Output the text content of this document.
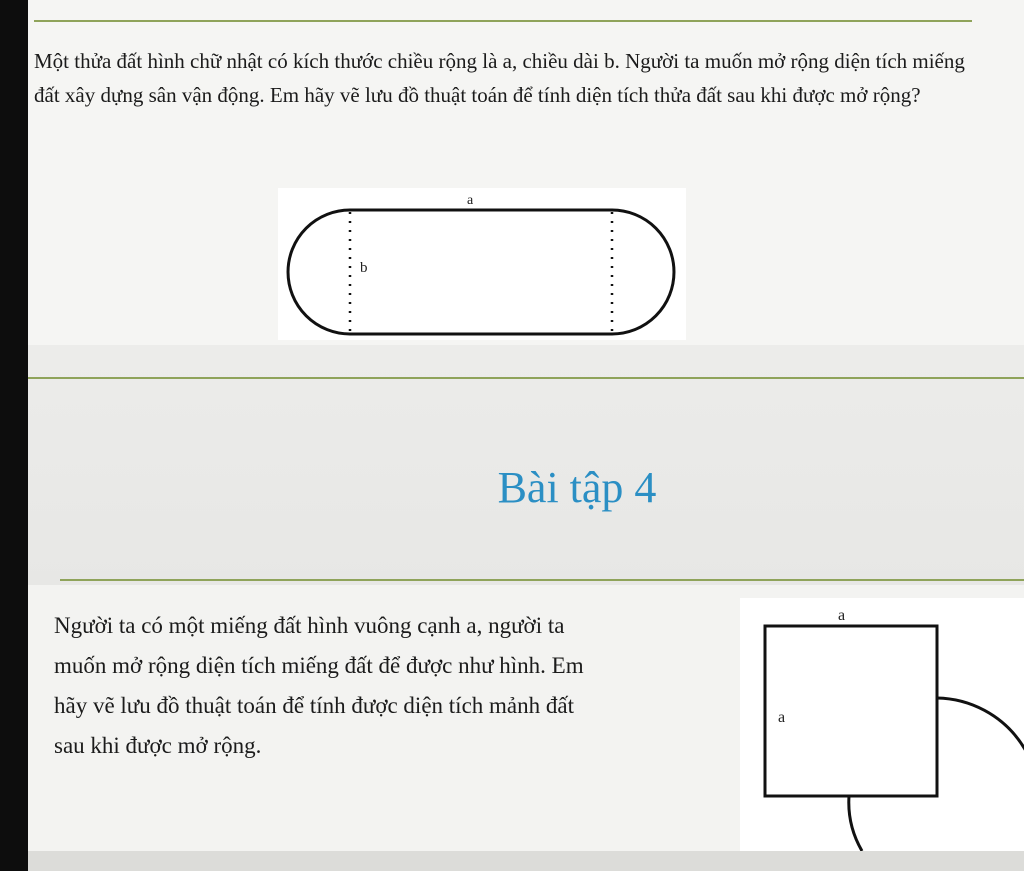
Một thửa đất hình chữ nhật có kích thước chiều rộng là a, chiều dài b. Người ta muốn mở rộng diện tích miếng đất xây dựng sân vận động. Em hãy vẽ lưu đồ thuật toán để tính diện tích thửa đất sau khi được mở rộng?
a
b
Bài tập 4
Người ta có một miếng đất hình vuông cạnh a, người ta muốn mở rộng diện tích miếng đất để được như hình. Em hãy vẽ lưu đồ thuật toán để tính được diện tích mảnh đất sau khi được mở rộng.
a
a
